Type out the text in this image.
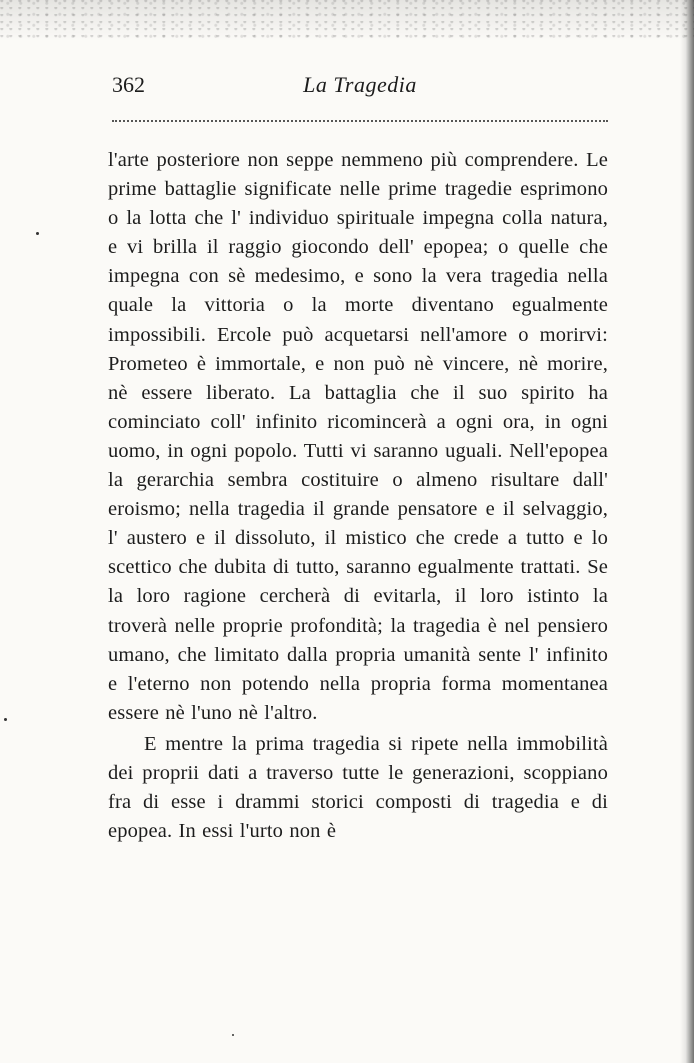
362	La Tragedia

l'arte posteriore non seppe nemmeno più comprendere. Le prime battaglie significate nelle prime tragedie esprimono o la lotta che l' individuo spirituale impegna colla natura, e vi brilla il raggio giocondo dell' epopea; o quelle che impegna con sè medesimo, e sono la vera tragedia nella quale la vittoria o la morte diventano egualmente impossibili. Ercole può acquetarsi nell'amore o morirvi: Prometeo è immortale, e non può nè vincere, nè morire, nè essere liberato. La battaglia che il suo spirito ha cominciato coll' infinito ricomincerà a ogni ora, in ogni uomo, in ogni popolo. Tutti vi saranno uguali. Nell'epopea la gerarchia sembra costituire o almeno risultare dall' eroismo; nella tragedia il grande pensatore e il selvaggio, l' austero e il dissoluto, il mistico che crede a tutto e lo scettico che dubita di tutto, saranno egualmente trattati. Se la loro ragione cercherà di evitarla, il loro istinto la troverà nelle proprie profondità; la tragedia è nel pensiero umano, che limitato dalla propria umanità sente l' infinito e l'eterno non potendo nella propria forma momentanea essere nè l'uno nè l'altro.

E mentre la prima tragedia si ripete nella immobilità dei proprii dati a traverso tutte le generazioni, scoppiano fra di esse i drammi storici composti di tragedia e di epopea. In essi l'urto non è
